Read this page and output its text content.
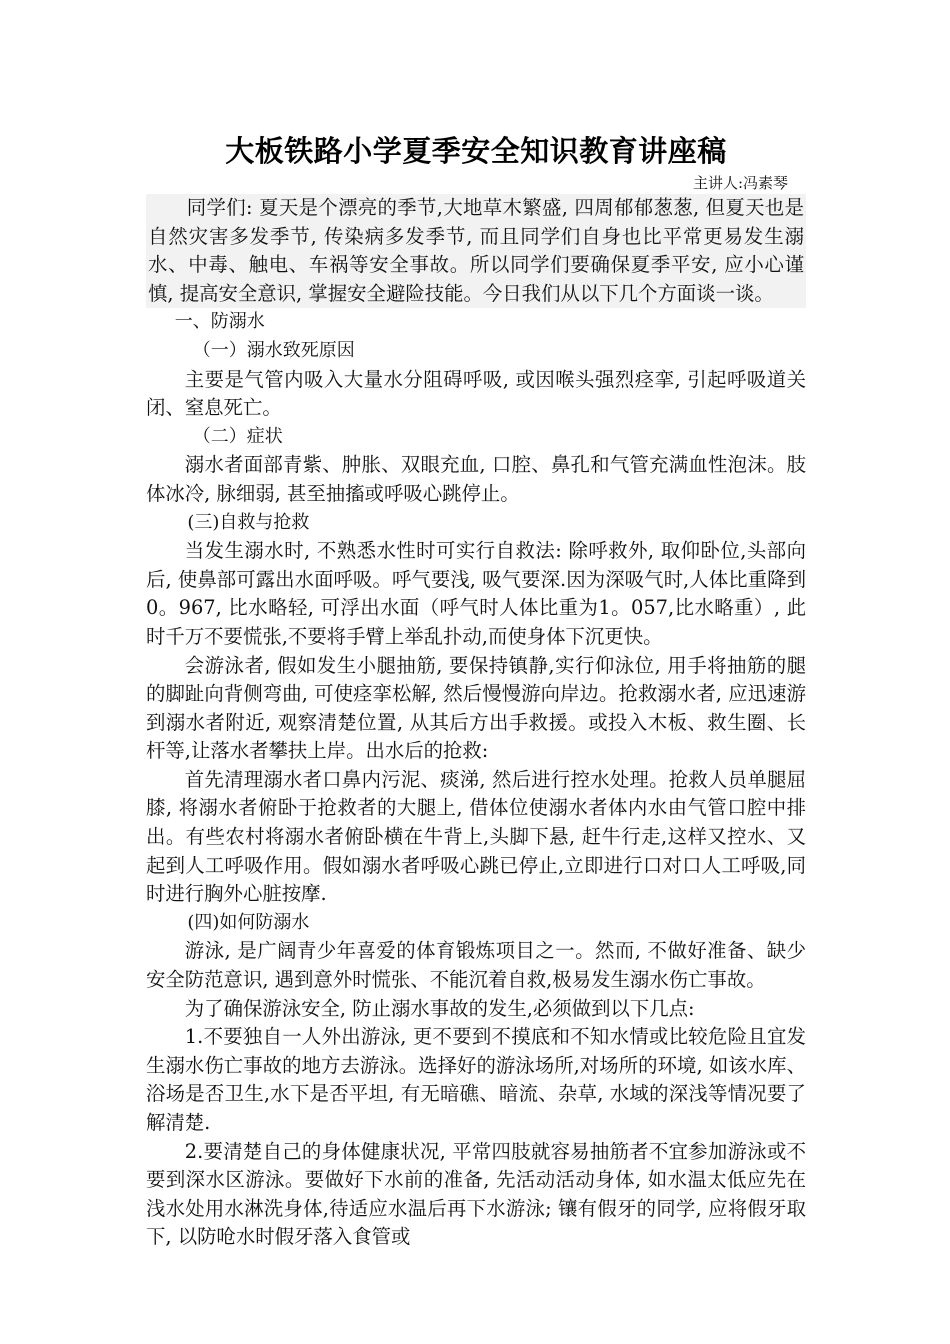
大板铁路小学夏季安全知识教育讲座稿
主讲人:冯素琴

同学们: 夏天是个漂亮的季节,大地草木繁盛, 四周郁郁葱葱, 但夏天也是自然灾害多发季节, 传染病多发季节, 而且同学们自身也比平常更易发生溺水、中毒、触电、车祸等安全事故。所以同学们要确保夏季平安, 应小心谨慎, 提高安全意识, 掌握安全避险技能。今日我们从以下几个方面谈一谈。

一、防溺水

（一）溺水致死原因

主要是气管内吸入大量水分阻碍呼吸, 或因喉头强烈痉挛, 引起呼吸道关闭、窒息死亡。

（二）症状

溺水者面部青紫、肿胀、双眼充血, 口腔、鼻孔和气管充满血性泡沫。肢体冰冷, 脉细弱, 甚至抽搐或呼吸心跳停止。

(三)自救与抢救

当发生溺水时, 不熟悉水性时可实行自救法: 除呼救外, 取仰卧位,头部向后, 使鼻部可露出水面呼吸。呼气要浅, 吸气要深.因为深吸气时,人体比重降到0。967, 比水略轻, 可浮出水面（呼气时人体比重为1。057,比水略重）, 此时千万不要慌张,不要将手臂上举乱扑动,而使身体下沉更快。

会游泳者, 假如发生小腿抽筋, 要保持镇静,实行仰泳位, 用手将抽筋的腿的脚趾向背侧弯曲, 可使痉挛松解, 然后慢慢游向岸边。抢救溺水者, 应迅速游到溺水者附近, 观察清楚位置, 从其后方出手救援。或投入木板、救生圈、长杆等,让落水者攀扶上岸。出水后的抢救:

首先清理溺水者口鼻内污泥、痰涕, 然后进行控水处理。抢救人员单腿屈膝, 将溺水者俯卧于抢救者的大腿上, 借体位使溺水者体内水由气管口腔中排出。有些农村将溺水者俯卧横在牛背上,头脚下悬, 赶牛行走,这样又控水、又起到人工呼吸作用。假如溺水者呼吸心跳已停止,立即进行口对口人工呼吸,同时进行胸外心脏按摩.

(四)如何防溺水

游泳, 是广阔青少年喜爱的体育锻炼项目之一。然而, 不做好准备、缺少安全防范意识, 遇到意外时慌张、不能沉着自救,极易发生溺水伤亡事故。

为了确保游泳安全, 防止溺水事故的发生,必须做到以下几点:

1.不要独自一人外出游泳, 更不要到不摸底和不知水情或比较危险且宜发生溺水伤亡事故的地方去游泳。选择好的游泳场所,对场所的环境, 如该水库、浴场是否卫生,水下是否平坦, 有无暗礁、暗流、杂草, 水域的深浅等情况要了解清楚.

2.要清楚自己的身体健康状况, 平常四肢就容易抽筋者不宜参加游泳或不要到深水区游泳。要做好下水前的准备, 先活动活动身体, 如水温太低应先在浅水处用水淋洗身体,待适应水温后再下水游泳; 镶有假牙的同学, 应将假牙取下, 以防呛水时假牙落入食管或
